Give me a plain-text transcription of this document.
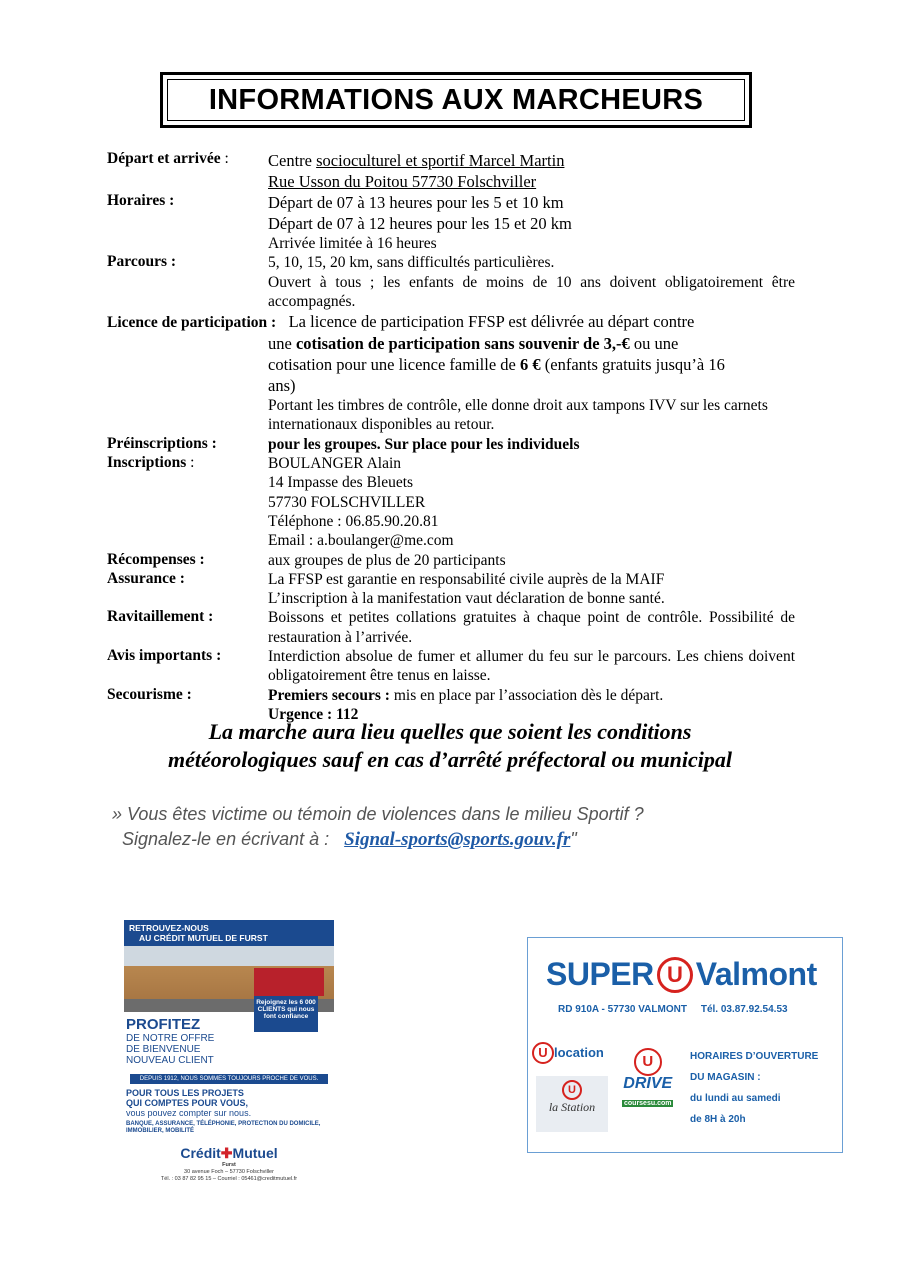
INFORMATIONS AUX MARCHEURS
Départ et arrivée :	Centre socioculturel et sportif Marcel Martin

Rue Usson du Poitou 57730 Folschviller

Horaires :	Départ de 07 à 13 heures pour les 5 et 10 km

Départ de 07 à 12 heures pour les 15 et 20 km

Arrivée limitée à 16 heures

Parcours :	5, 10, 15, 20 km, sans difficultés particulières.

Ouvert à tous ; les enfants de moins de 10 ans doivent obligatoirement être accompagnés.

Licence de participation : La licence de participation FFSP est délivrée au départ contre

une cotisation de participation sans souvenir de 3,-€ ou une

cotisation pour une licence famille de 6 € (enfants gratuits jusqu’à 16

ans)

Portant les timbres de contrôle, elle donne droit aux tampons IVV sur les carnets internationaux disponibles au retour.

Préinscriptions :	pour les groupes. Sur place pour les individuels

Inscriptions :	BOULANGER Alain

14 Impasse des Bleuets

57730 FOLSCHVILLER

Téléphone : 06.85.90.20.81

Email : a.boulanger@me.com

Récompenses :	aux groupes de plus de 20 participants

Assurance :	La FFSP est garantie en responsabilité civile auprès de la MAIF

L’inscription à la manifestation vaut déclaration de bonne santé.

Ravitaillement :	Boissons et petites collations gratuites à chaque point de contrôle. Possibilité de restauration à l’arrivée.

Avis importants :	Interdiction absolue de fumer et allumer du feu sur le parcours. Les chiens doivent obligatoirement être tenus en laisse.

Secourisme :	Premiers secours : mis en place par l’association dès le départ.

Urgence : 112

La marche aura lieu quelles que soient les conditions
météorologiques sauf en cas d’arrêté préfectoral ou municipal
» Vous êtes victime ou témoin de violences dans le milieu Sportif ?
Signalez-le en écrivant à : Signal-sports@sports.gouv.fr"
RETROUVEZ-NOUS
AU CRÉDIT MUTUEL DE FURST
Rejoignez les 6 000 CLIENTS qui nous font confiance
PROFITEZ
DE NOTRE OFFRE
DE BIENVENUE
NOUVEAU CLIENT
DEPUIS 1912, NOUS SOMMES TOUJOURS PROCHE DE VOUS.
POUR TOUS LES PROJETS
QUI COMPTES POUR VOUS,
vous pouvez compter sur nous.
BANQUE, ASSURANCE, TÉLÉPHONIE, PROTECTION DU DOMICILE, IMMOBILIER, MOBILITÉ
Crédit✚Mutuel
Furst
30 avenue Foch – 57730 Folschviller
Tél. : 03 87 82 95 15 – Courriel : 05461@creditmutuel.fr
SUPER U Valmont
RD 910A - 57730 VALMONT Tél. 03.87.92.54.53
U location
U
DRIVE
coursesu.com
U
la Station
HORAIRES D’OUVERTURE
DU MAGASIN :
du lundi au samedi
de 8H à 20h
